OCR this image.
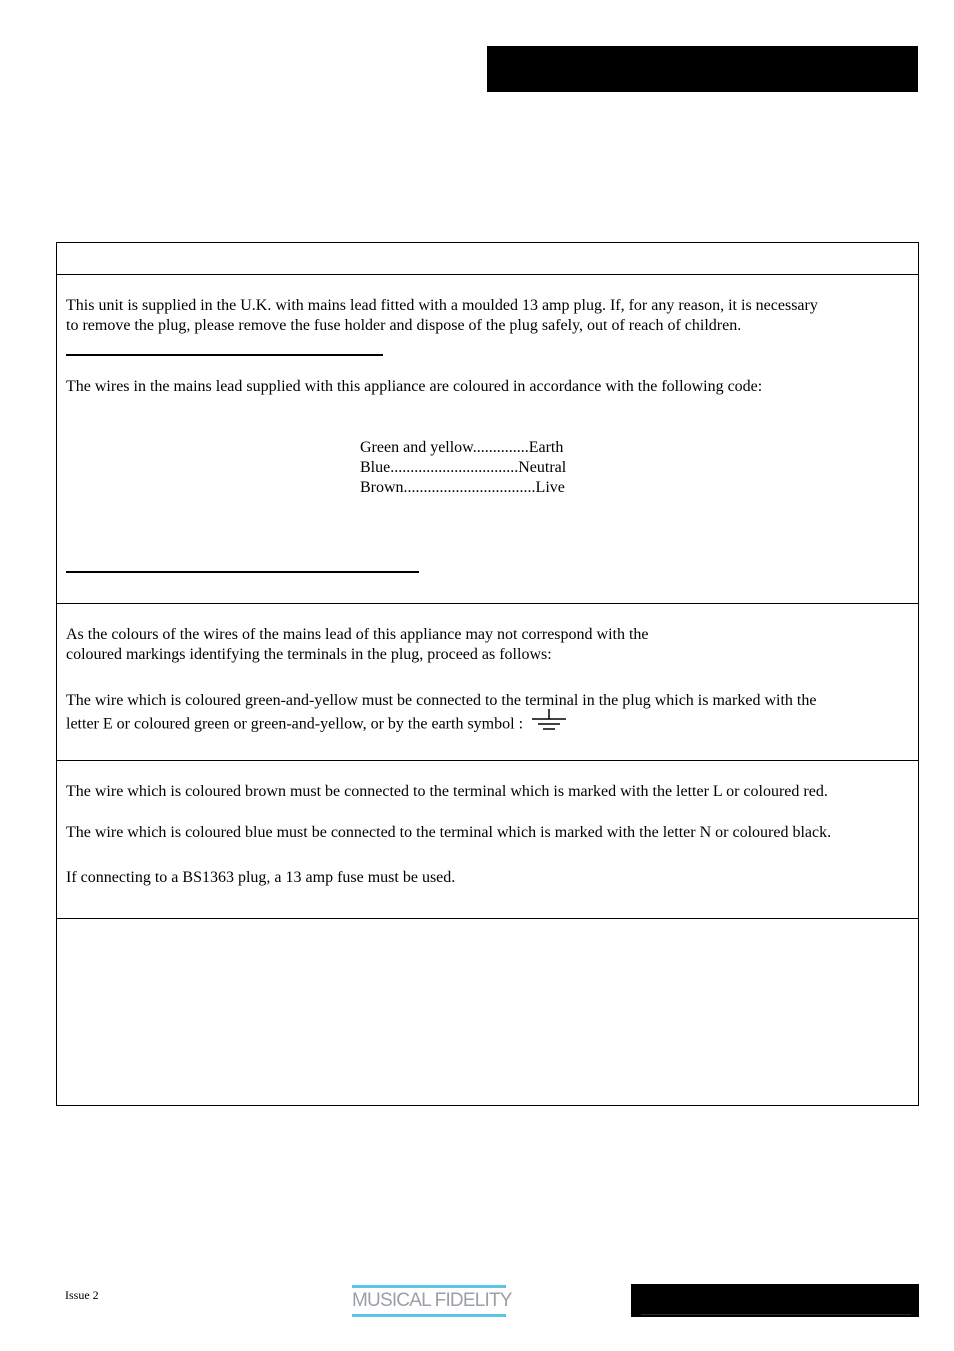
This unit is supplied in the U.K. with mains lead fitted with a moulded 13 amp plug. If, for any reason, it is necessary
to remove the plug, please remove the fuse holder and dispose of the plug safely, out of reach of children.
The wires in the mains lead supplied with this appliance are coloured in accordance with the following code:
Green and yellow..............Earth
Blue................................Neutral
Brown.................................Live
As the colours of the wires of the mains lead of this appliance may not correspond with the
coloured markings identifying the terminals in the plug, proceed as follows:
The wire which is coloured green-and-yellow must be connected to the terminal in the plug which is marked with the
letter E or coloured green or green-and-yellow, or by the earth symbol :
The wire which is coloured brown must be connected to the terminal which is marked with the letter L or coloured red.
The wire which is coloured blue must be connected to the terminal which is marked with the letter N or coloured black.
If connecting to a BS1363 plug, a 13 amp fuse must be used.
Issue 2	MUSICAL FIDELITY
